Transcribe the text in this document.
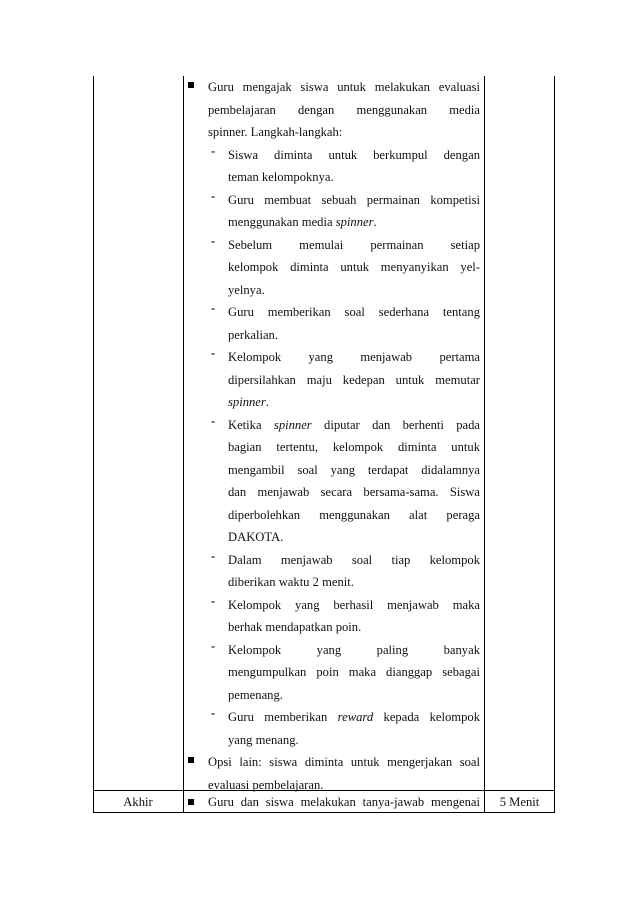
Guru mengajak siswa untuk melakukan evaluasi
pembelajaran dengan menggunakan media
spinner. Langkah-langkah:
- Siswa diminta untuk berkumpul dengan
teman kelompoknya.
- Guru membuat sebuah permainan kompetisi
menggunakan media spinner.
- Sebelum memulai permainan setiap
kelompok diminta untuk menyanyikan yel-
yelnya.
- Guru memberikan soal sederhana tentang
perkalian.
- Kelompok yang menjawab pertama
dipersilahkan maju kedepan untuk memutar
spinner.
- Ketika spinner diputar dan berhenti pada
bagian tertentu, kelompok diminta untuk
mengambil soal yang terdapat didalamnya
dan menjawab secara bersama-sama. Siswa
diperbolehkan menggunakan alat peraga
DAKOTA.
- Dalam menjawab soal tiap kelompok
diberikan waktu 2 menit.
- Kelompok yang berhasil menjawab maka
berhak mendapatkan poin.
- Kelompok yang paling banyak
mengumpulkan poin maka dianggap sebagai
pemenang.
- Guru memberikan reward kepada kelompok
yang menang.
Opsi lain: siswa diminta untuk mengerjakan soal
evaluasi pembelajaran.
Akhir	Guru dan siswa melakukan tanya-jawab mengenai	5 Menit
